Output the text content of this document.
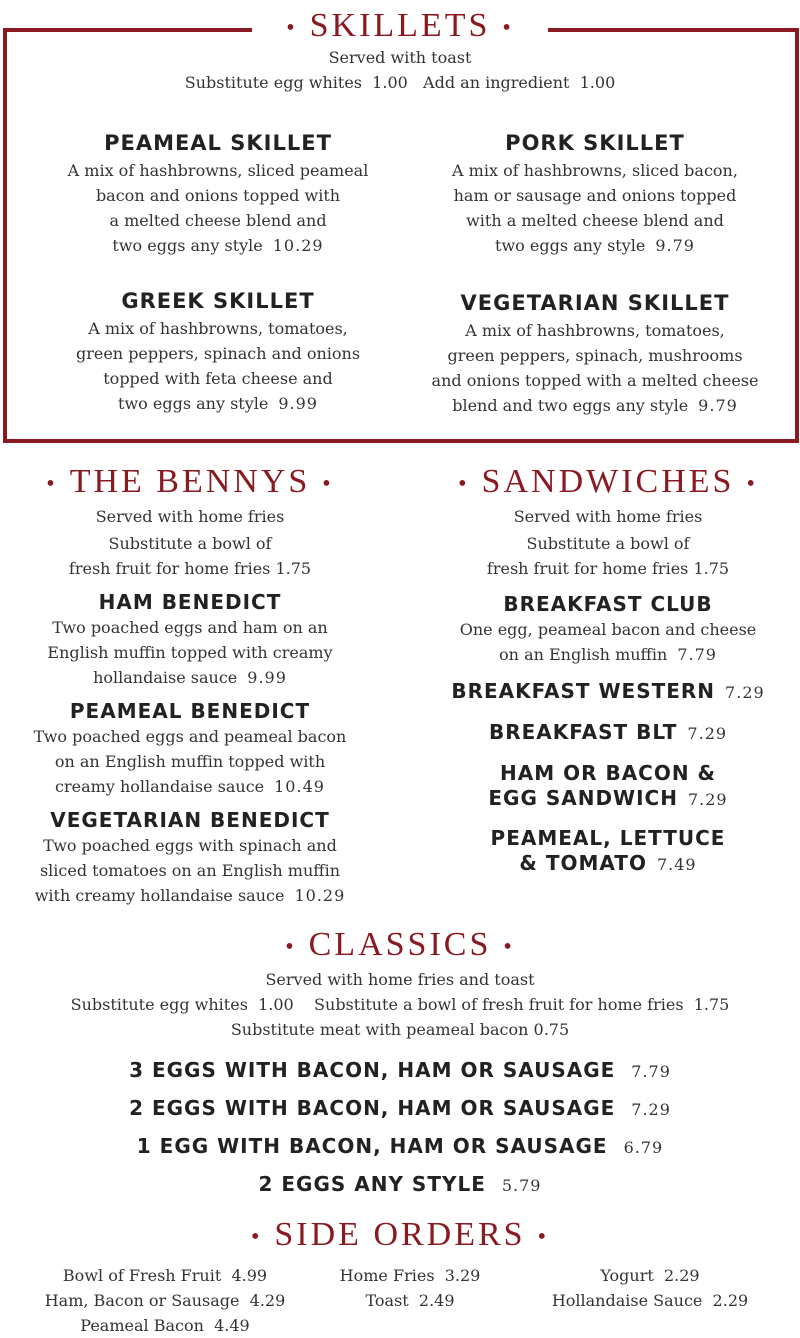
• SKILLETS •
Served with toast
Substitute egg whites  1.00   Add an ingredient  1.00
PEAMEAL SKILLET
A mix of hashbrowns, sliced peameal
bacon and onions topped with
a melted cheese blend and
two eggs any style 10.29
PORK SKILLET
A mix of hashbrowns, sliced bacon,
ham or sausage and onions topped
with a melted cheese blend and
two eggs any style 9.79
GREEK SKILLET
A mix of hashbrowns, tomatoes,
green peppers, spinach and onions
topped with feta cheese and
two eggs any style 9.99
VEGETARIAN SKILLET
A mix of hashbrowns, tomatoes,
green peppers, spinach, mushrooms
and onions topped with a melted cheese
blend and two eggs any style 9.79
• THE BENNYS •
Served with home fries
Substitute a bowl of
fresh fruit for home fries 1.75
HAM BENEDICT
Two poached eggs and ham on an
English muffin topped with creamy
hollandaise sauce 9.99
PEAMEAL BENEDICT
Two poached eggs and peameal bacon
on an English muffin topped with
creamy hollandaise sauce 10.49
VEGETARIAN BENEDICT
Two poached eggs with spinach and
sliced tomatoes on an English muffin
with creamy hollandaise sauce 10.29
• SANDWICHES •
Served with home fries
Substitute a bowl of
fresh fruit for home fries 1.75
BREAKFAST CLUB
One egg, peameal bacon and cheese
on an English muffin 7.79
BREAKFAST WESTERN 7.29
BREAKFAST BLT 7.29
HAM OR BACON &
EGG SANDWICH 7.29
PEAMEAL, LETTUCE
& TOMATO 7.49
• CLASSICS •
Served with home fries and toast
Substitute egg whites  1.00    Substitute a bowl of fresh fruit for home fries  1.75
Substitute meat with peameal bacon 0.75
3 EGGS WITH BACON, HAM OR SAUSAGE 7.79
2 EGGS WITH BACON, HAM OR SAUSAGE 7.29
1 EGG WITH BACON, HAM OR SAUSAGE 6.79
2 EGGS ANY STYLE 5.79
• SIDE ORDERS •
Bowl of Fresh Fruit  4.99
Ham, Bacon or Sausage  4.29
Peameal Bacon  4.49
Home Fries  3.29
Toast  2.49
Yogurt  2.29
Hollandaise Sauce  2.29
